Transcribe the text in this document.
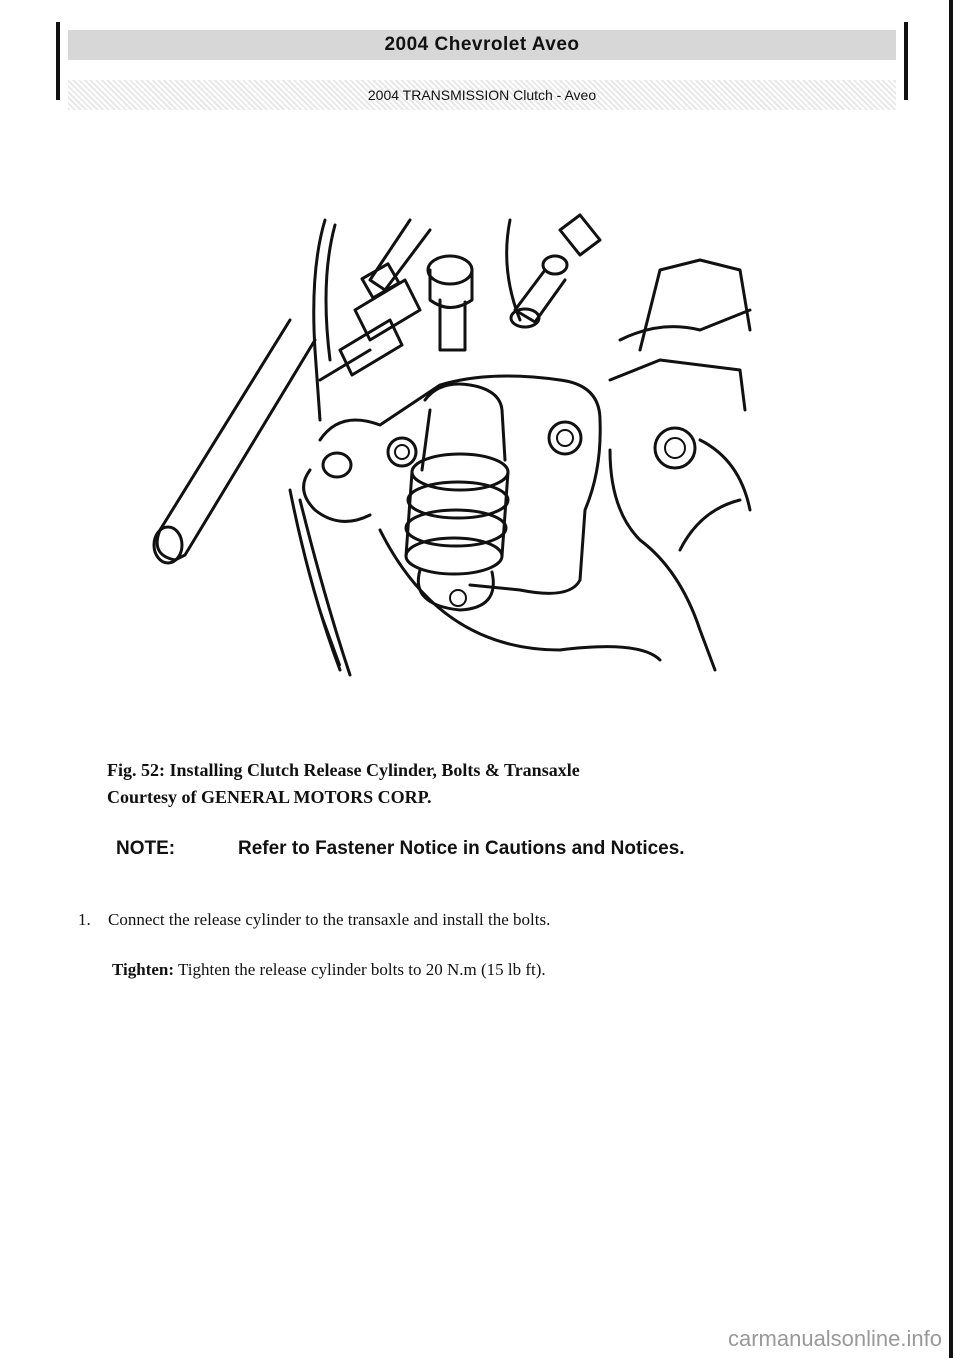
2004 Chevrolet Aveo
2004 TRANSMISSION Clutch - Aveo
Fig. 52: Installing Clutch Release Cylinder, Bolts & Transaxle
Courtesy of GENERAL MOTORS CORP.
NOTE:	Refer to Fastener Notice in Cautions and Notices.
1. Connect the release cylinder to the transaxle and install the bolts.
Tighten: Tighten the release cylinder bolts to 20 N.m (15 lb ft).
carmanualsonline.info
